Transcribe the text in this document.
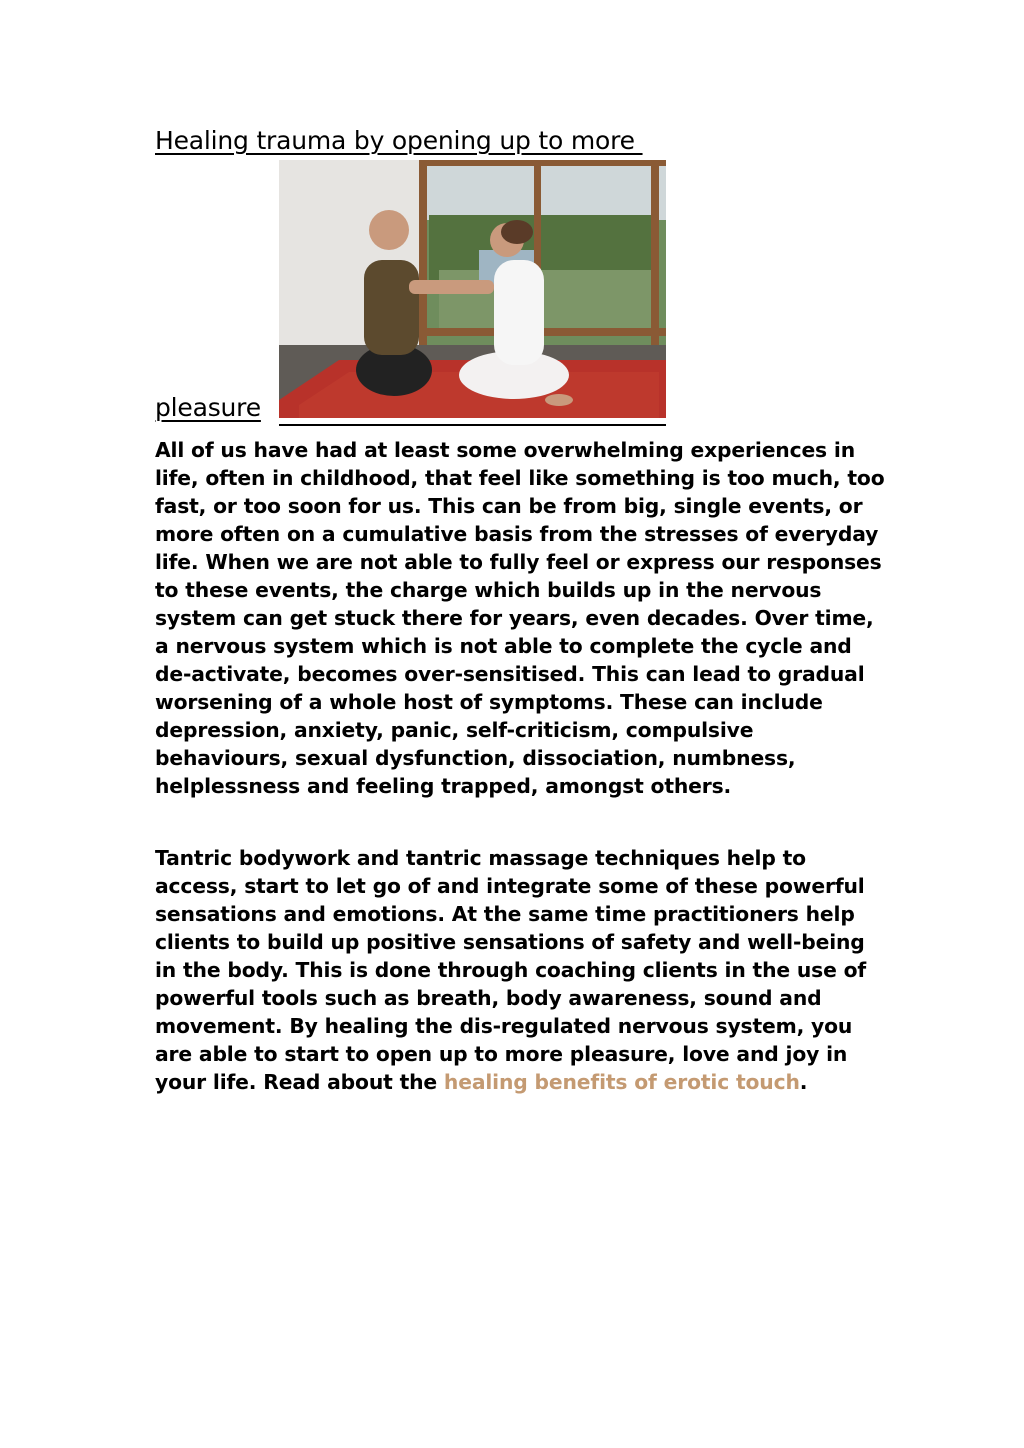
Healing trauma by opening up to more
pleasure

All of us have had at least some overwhelming experiences in life, often in childhood, that feel like something is too much, too fast, or too soon for us. This can be from big, single events, or more often on a cumulative basis from the stresses of everyday life. When we are not able to fully feel or express our responses to these events, the charge which builds up in the nervous system can get stuck there for years, even decades. Over time, a nervous system which is not able to complete the cycle and de-activate, becomes over-sensitised. This can lead to gradual worsening of a whole host of symptoms. These can include depression, anxiety, panic, self-criticism, compulsive behaviours, sexual dysfunction, dissociation, numbness, helplessness and feeling trapped, amongst others.

Tantric bodywork and tantric massage techniques help to access, start to let go of and integrate some of these powerful sensations and emotions. At the same time practitioners help clients to build up positive sensations of safety and well-being in the body. This is done through coaching clients in the use of powerful tools such as breath, body awareness, sound and movement. By healing the dis-regulated nervous system, you are able to start to open up to more pleasure, love and joy in your life. Read about the healing benefits of erotic touch.
